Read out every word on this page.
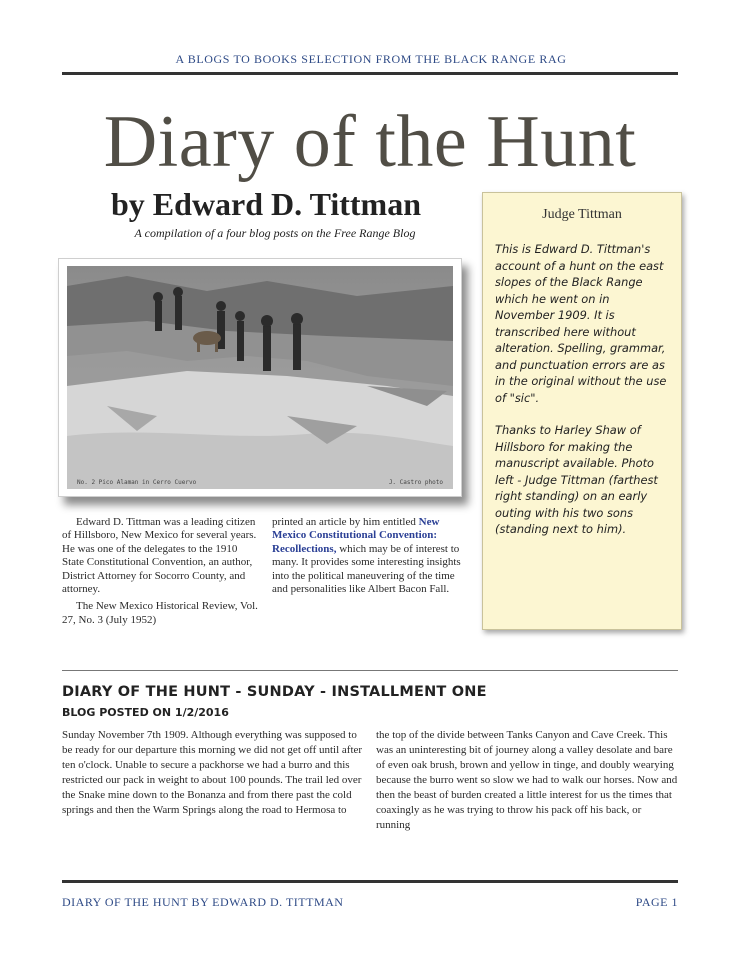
A BLOGS TO BOOKS SELECTION FROM THE BLACK RANGE RAG
Diary of the Hunt
by Edward D. Tittman
A compilation of a four blog posts on the Free Range Blog
No. 2 Pico Alaman in Cerro Cuervo	J. Castro photo
Judge Tittman

This is Edward D. Tittman's account of a hunt on the east slopes of the Black Range which he went on in November 1909. It is transcribed here without alteration. Spelling, grammar, and punctuation errors are as in the original without the use of "sic".

Thanks to Harley Shaw of Hillsboro for making the manuscript available. Photo left - Judge Tittman (farthest right standing) on an early outing with his two sons (standing next to him).

Edward D. Tittman was a leading citizen of Hillsboro, New Mexico for several years. He was one of the delegates to the 1910 State Constitutional Convention, an author, District Attorney for Socorro County, and attorney.

The New Mexico Historical Review, Vol. 27, No. 3 (July 1952)

printed an article by him entitled New Mexico Constitutional Convention: Recollections, which may be of interest to many. It provides some interesting insights into the political maneuvering of the time and personalities like Albert Bacon Fall.

DIARY OF THE HUNT - SUNDAY - INSTALLMENT ONE
BLOG POSTED ON 1/2/2016
Sunday November 7th 1909. Although everything was supposed to be ready for our departure this morning we did not get off until after ten o'clock. Unable to secure a packhorse we had a burro and this restricted our pack in weight to about 100 pounds. The trail led over the Snake mine down to the Bonanza and from there past the cold springs and then the Warm Springs along the road to Hermosa to
the top of the divide between Tanks Canyon and Cave Creek. This was an uninteresting bit of journey along a valley desolate and bare of even oak brush, brown and yellow in tinge, and doubly wearying because the burro went so slow we had to walk our horses. Now and then the beast of burden created a little interest for us the times that coaxingly as he was trying to throw his pack off his back, or running
DIARY OF THE HUNT BY EDWARD D. TITTMAN	PAGE 1
